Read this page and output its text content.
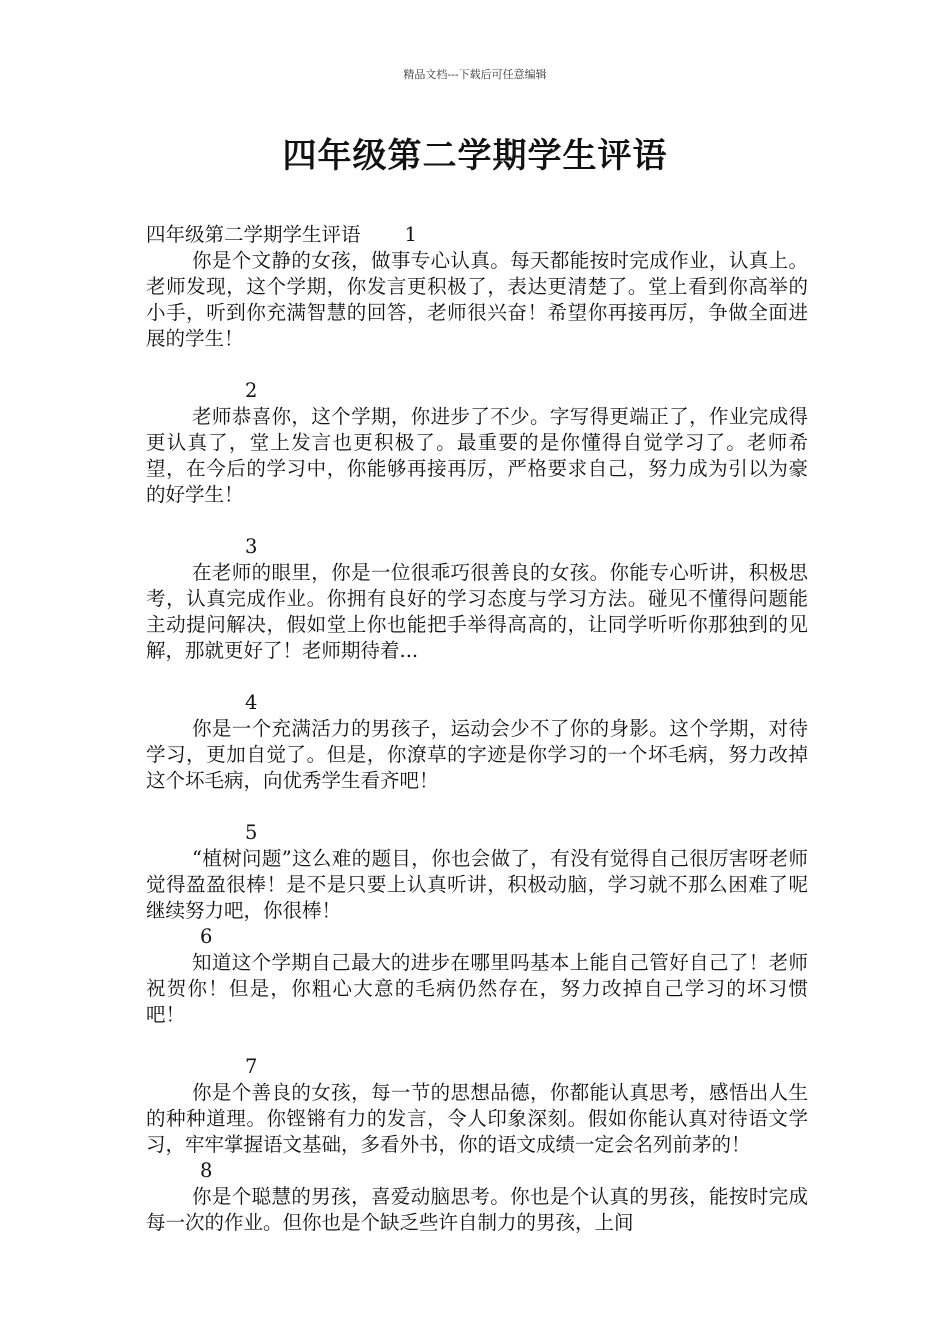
精品文档---下载后可任意编辑
四年级第二学期学生评语
四年级第二学期学生评语 1

你是个文静的女孩，做事专心认真。每天都能按时完成作业，认真上。老师发现，这个学期，你发言更积极了，表达更清楚了。堂上看到你高举的小手，听到你充满智慧的回答，老师很兴奋！希望你再接再厉，争做全面进展的学生！

2

老师恭喜你，这个学期，你进步了不少。字写得更端正了，作业完成得更认真了，堂上发言也更积极了。最重要的是你懂得自觉学习了。老师希望，在今后的学习中，你能够再接再厉，严格要求自己，努力成为引以为豪的好学生！

3

在老师的眼里，你是一位很乖巧很善良的女孩。你能专心听讲，积极思考，认真完成作业。你拥有良好的学习态度与学习方法。碰见不懂得问题能主动提问解决，假如堂上你也能把手举得高高的，让同学听听你那独到的见解，那就更好了！老师期待着...

4

你是一个充满活力的男孩子，运动会少不了你的身影。这个学期，对待学习，更加自觉了。但是，你潦草的字迹是你学习的一个坏毛病，努力改掉这个坏毛病，向优秀学生看齐吧！

5

“植树问题”这么难的题目，你也会做了，有没有觉得自己很厉害呀老师觉得盈盈很棒！是不是只要上认真听讲，积极动脑，学习就不那么困难了呢继续努力吧，你很棒！

6

知道这个学期自己最大的进步在哪里吗基本上能自己管好自己了！老师祝贺你！但是，你粗心大意的毛病仍然存在，努力改掉自己学习的坏习惯吧！

7

你是个善良的女孩，每一节的思想品德，你都能认真思考，感悟出人生的种种道理。你铿锵有力的发言，令人印象深刻。假如你能认真对待语文学习，牢牢掌握语文基础，多看外书，你的语文成绩一定会名列前茅的！

8

你是个聪慧的男孩，喜爱动脑思考。你也是个认真的男孩，能按时完成每一次的作业。但你也是个缺乏些许自制力的男孩，上间
